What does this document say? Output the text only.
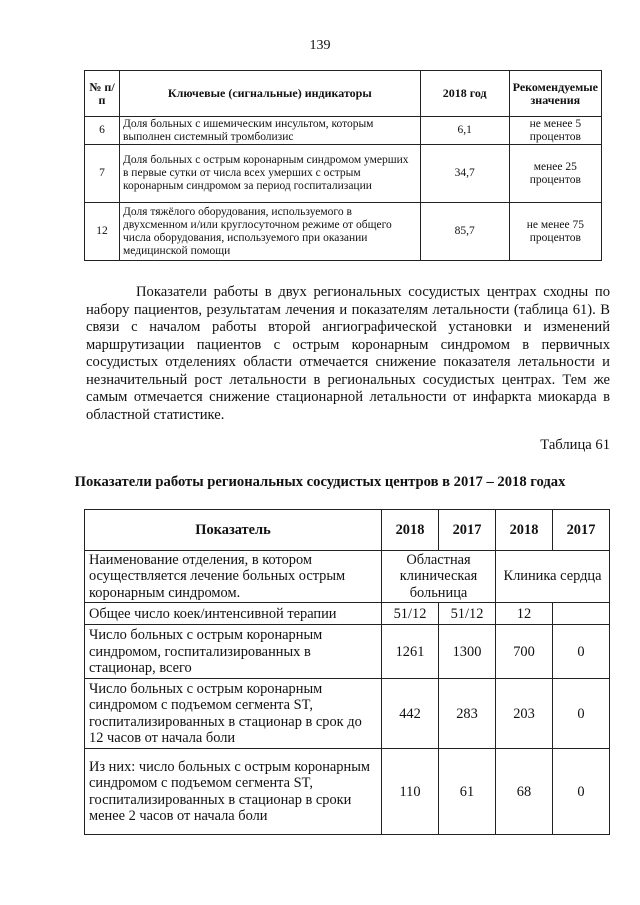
139
№ п/п	Ключевые (сигнальные) индикаторы	2018 год	Рекомендуемые значения
6	Доля больных с ишемическим инсультом, которым выполнен системный тромболизис	6,1	не менее 5 процентов
7	Доля больных с острым коронарным синдромом умерших в первые сутки от числа всех умерших с острым коронарным синдромом за период госпитализации	34,7	менее 25 процентов
12	Доля тяжёлого оборудования, используемого в двухсменном и/или круглосуточном режиме от общего числа оборудования, используемого при оказании медицинской помощи	85,7	не менее 75 процентов
Показатели работы в двух региональных сосудистых центрах сходны по набору пациентов, результатам лечения и показателям летальности (таблица 61). В связи с началом работы второй ангиографической установки и изменений маршрутизации пациентов с острым коронарным синдромом в первичных сосудистых отделениях области отмечается снижение показателя летальности и незначительный рост летальности в региональных сосудистых центрах. Тем же самым отмечается снижение стационарной летальности от инфаркта миокарда в областной статистике.
Таблица 61
Показатели работы региональных сосудистых центров в 2017 – 2018 годах
Показатель	2018	2017	2018	2017
Наименование отделения, в котором осуществляется лечение больных острым коронарным синдромом.	Областная клиническая больница		Клиника сердца	
Общее число коек/интенсивной терапии	51/12	51/12	12	
Число больных с острым коронарным синдромом, госпитализированных в стационар, всего	1261	1300	700	0
Число больных с острым коронарным синдромом с подъемом сегмента ST, госпитализированных в стационар в срок до 12 часов от начала боли	442	283	203	0
Из них: число больных с острым коронарным синдромом с подъемом сегмента ST, госпитализированных в стационар в сроки менее 2 часов от начала боли	110	61	68	0
